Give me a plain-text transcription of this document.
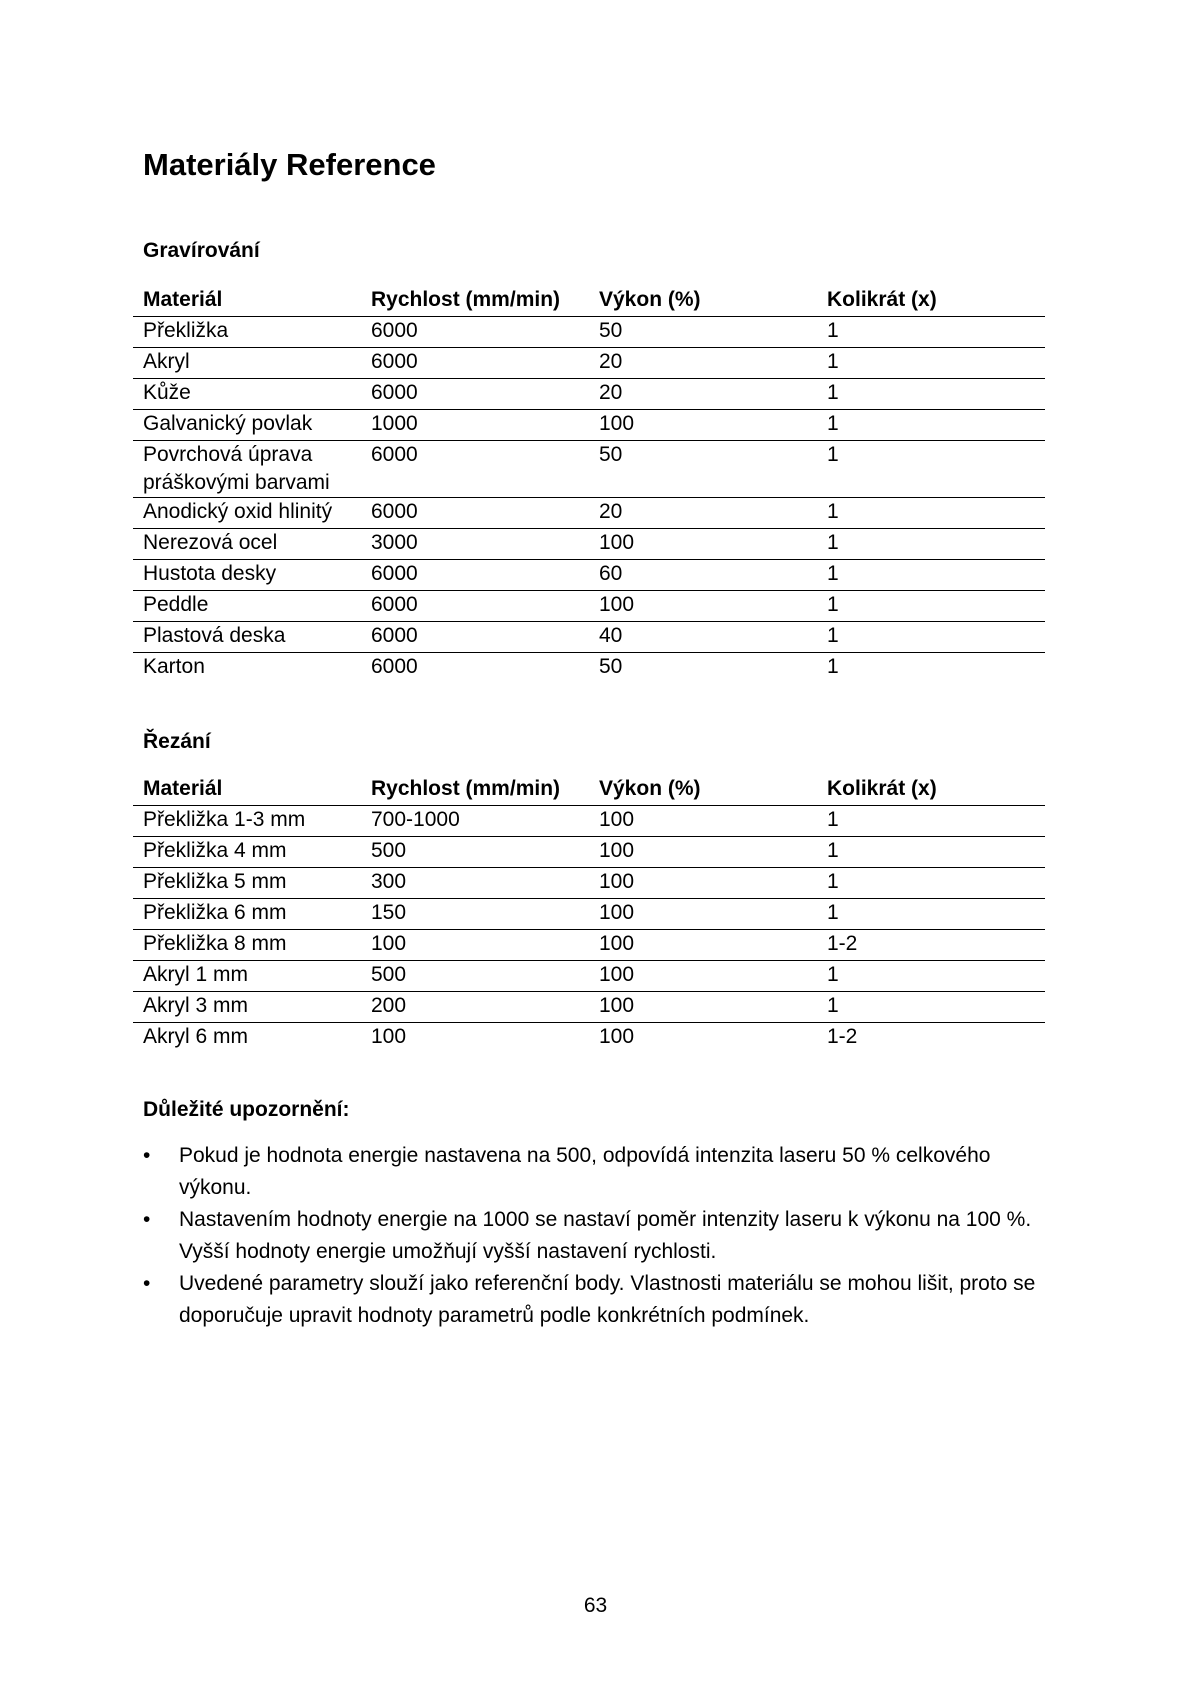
Materiály Reference
Gravírování
Materiál	Rychlost (mm/min)	Výkon (%)	Kolikrát (x)
Překližka	6000	50	1
Akryl	6000	20	1
Kůže	6000	20	1
Galvanický povlak	1000	100	1
Povrchová úprava práškovými barvami	6000	50	1
Anodický oxid hlinitý	6000	20	1
Nerezová ocel	3000	100	1
Hustota desky	6000	60	1
Peddle	6000	100	1
Plastová deska	6000	40	1
Karton	6000	50	1
Řezání
Materiál	Rychlost (mm/min)	Výkon (%)	Kolikrát (x)
Překližka 1-3 mm	700-1000	100	1
Překližka 4 mm	500	100	1
Překližka 5 mm	300	100	1
Překližka 6 mm	150	100	1
Překližka 8 mm	100	100	1-2
Akryl 1 mm	500	100	1
Akryl 3 mm	200	100	1
Akryl 6 mm	100	100	1-2
Důležité upozornění:
•	Pokud je hodnota energie nastavena na 500, odpovídá intenzita laseru 50 % celkového výkonu.
•	Nastavením hodnoty energie na 1000 se nastaví poměr intenzity laseru k výkonu na 100 %. Vyšší hodnoty energie umožňují vyšší nastavení rychlosti.
•	Uvedené parametry slouží jako referenční body. Vlastnosti materiálu se mohou lišit, proto se doporučuje upravit hodnoty parametrů podle konkrétních podmínek.
63
